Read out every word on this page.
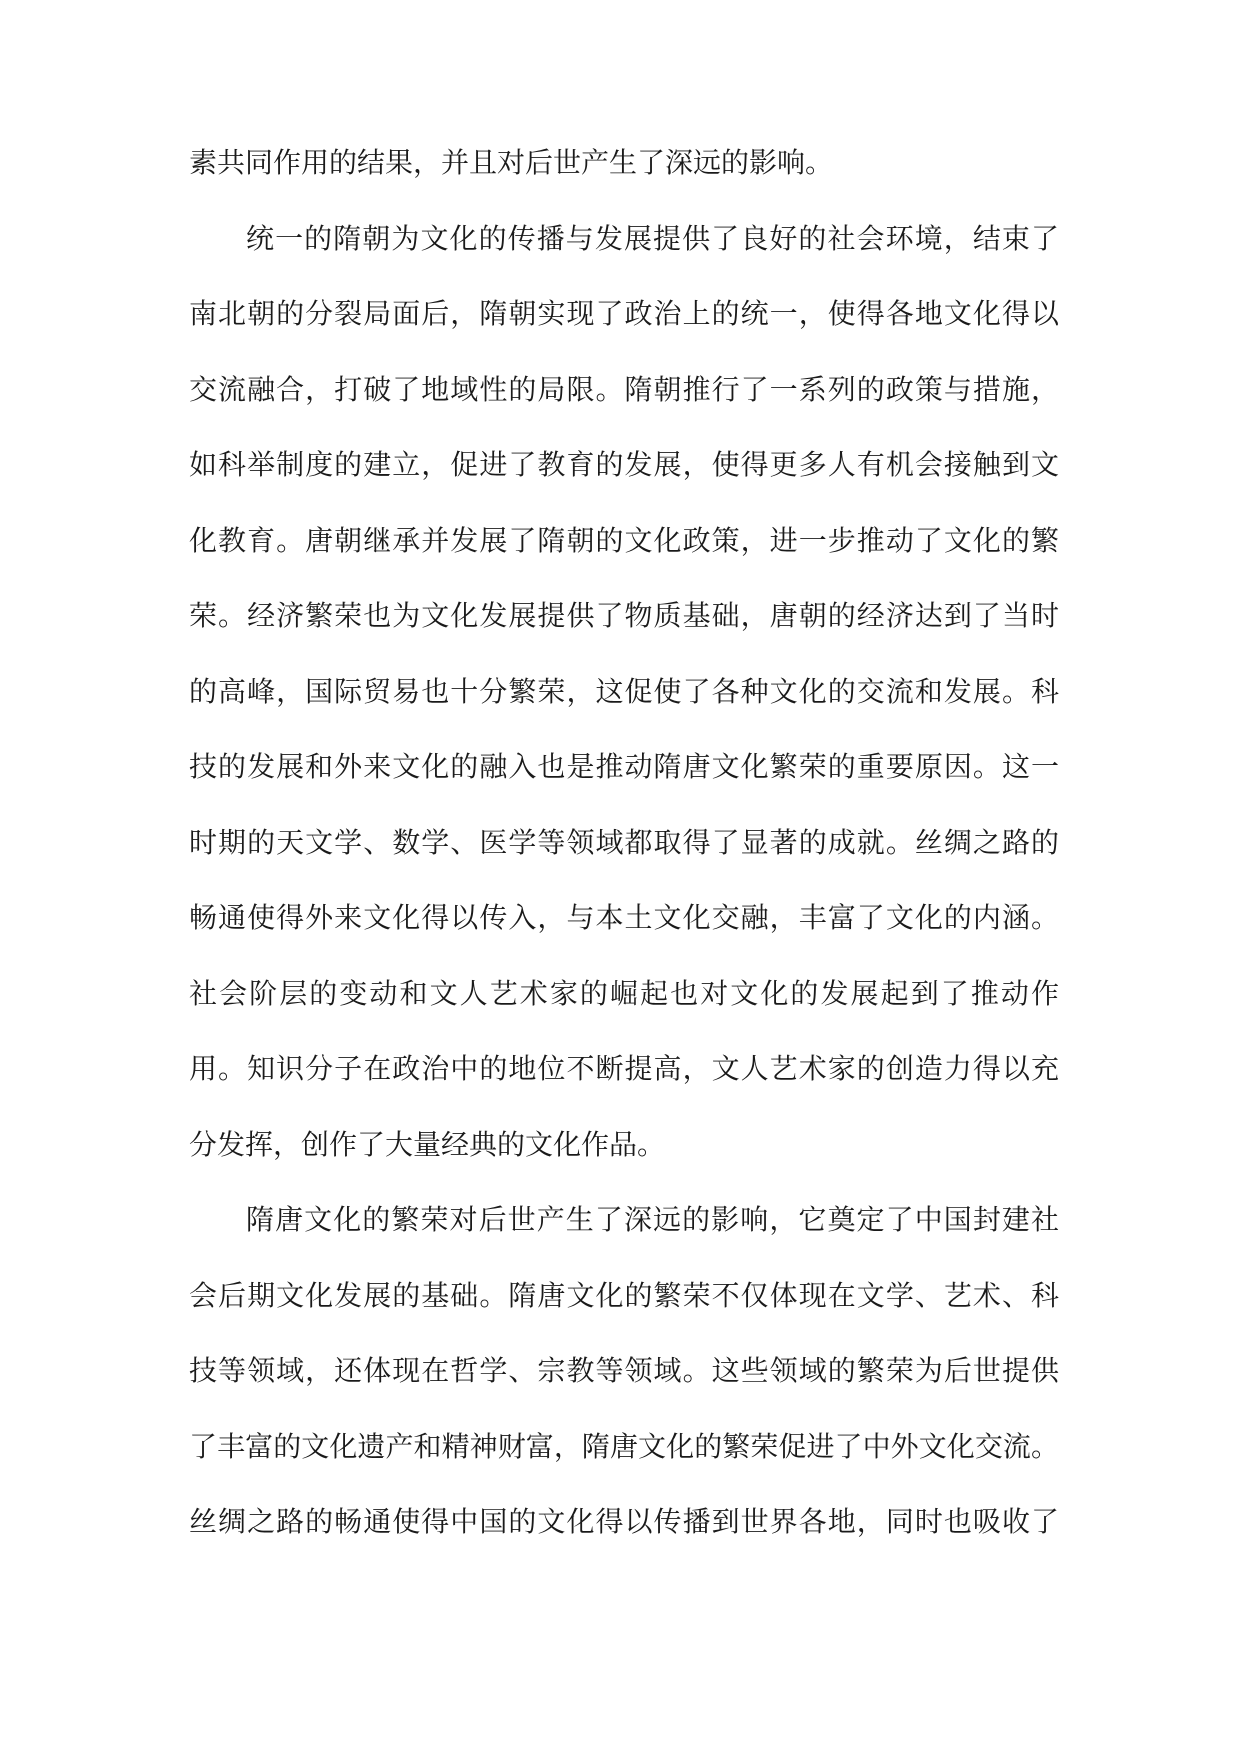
素共同作用的结果，并且对后世产生了深远的影响。
统一的隋朝为文化的传播与发展提供了良好的社会环境，结束了
南北朝的分裂局面后，隋朝实现了政治上的统一，使得各地文化得以
交流融合，打破了地域性的局限。隋朝推行了一系列的政策与措施，
如科举制度的建立，促进了教育的发展，使得更多人有机会接触到文
化教育。唐朝继承并发展了隋朝的文化政策，进一步推动了文化的繁
荣。经济繁荣也为文化发展提供了物质基础，唐朝的经济达到了当时
的高峰，国际贸易也十分繁荣，这促使了各种文化的交流和发展。科
技的发展和外来文化的融入也是推动隋唐文化繁荣的重要原因。这一
时期的天文学、数学、医学等领域都取得了显著的成就。丝绸之路的
畅通使得外来文化得以传入，与本土文化交融，丰富了文化的内涵。
社会阶层的变动和文人艺术家的崛起也对文化的发展起到了推动作
用。知识分子在政治中的地位不断提高，文人艺术家的创造力得以充
分发挥，创作了大量经典的文化作品。
隋唐文化的繁荣对后世产生了深远的影响，它奠定了中国封建社
会后期文化发展的基础。隋唐文化的繁荣不仅体现在文学、艺术、科
技等领域，还体现在哲学、宗教等领域。这些领域的繁荣为后世提供
了丰富的文化遗产和精神财富，隋唐文化的繁荣促进了中外文化交流。
丝绸之路的畅通使得中国的文化得以传播到世界各地，同时也吸收了
